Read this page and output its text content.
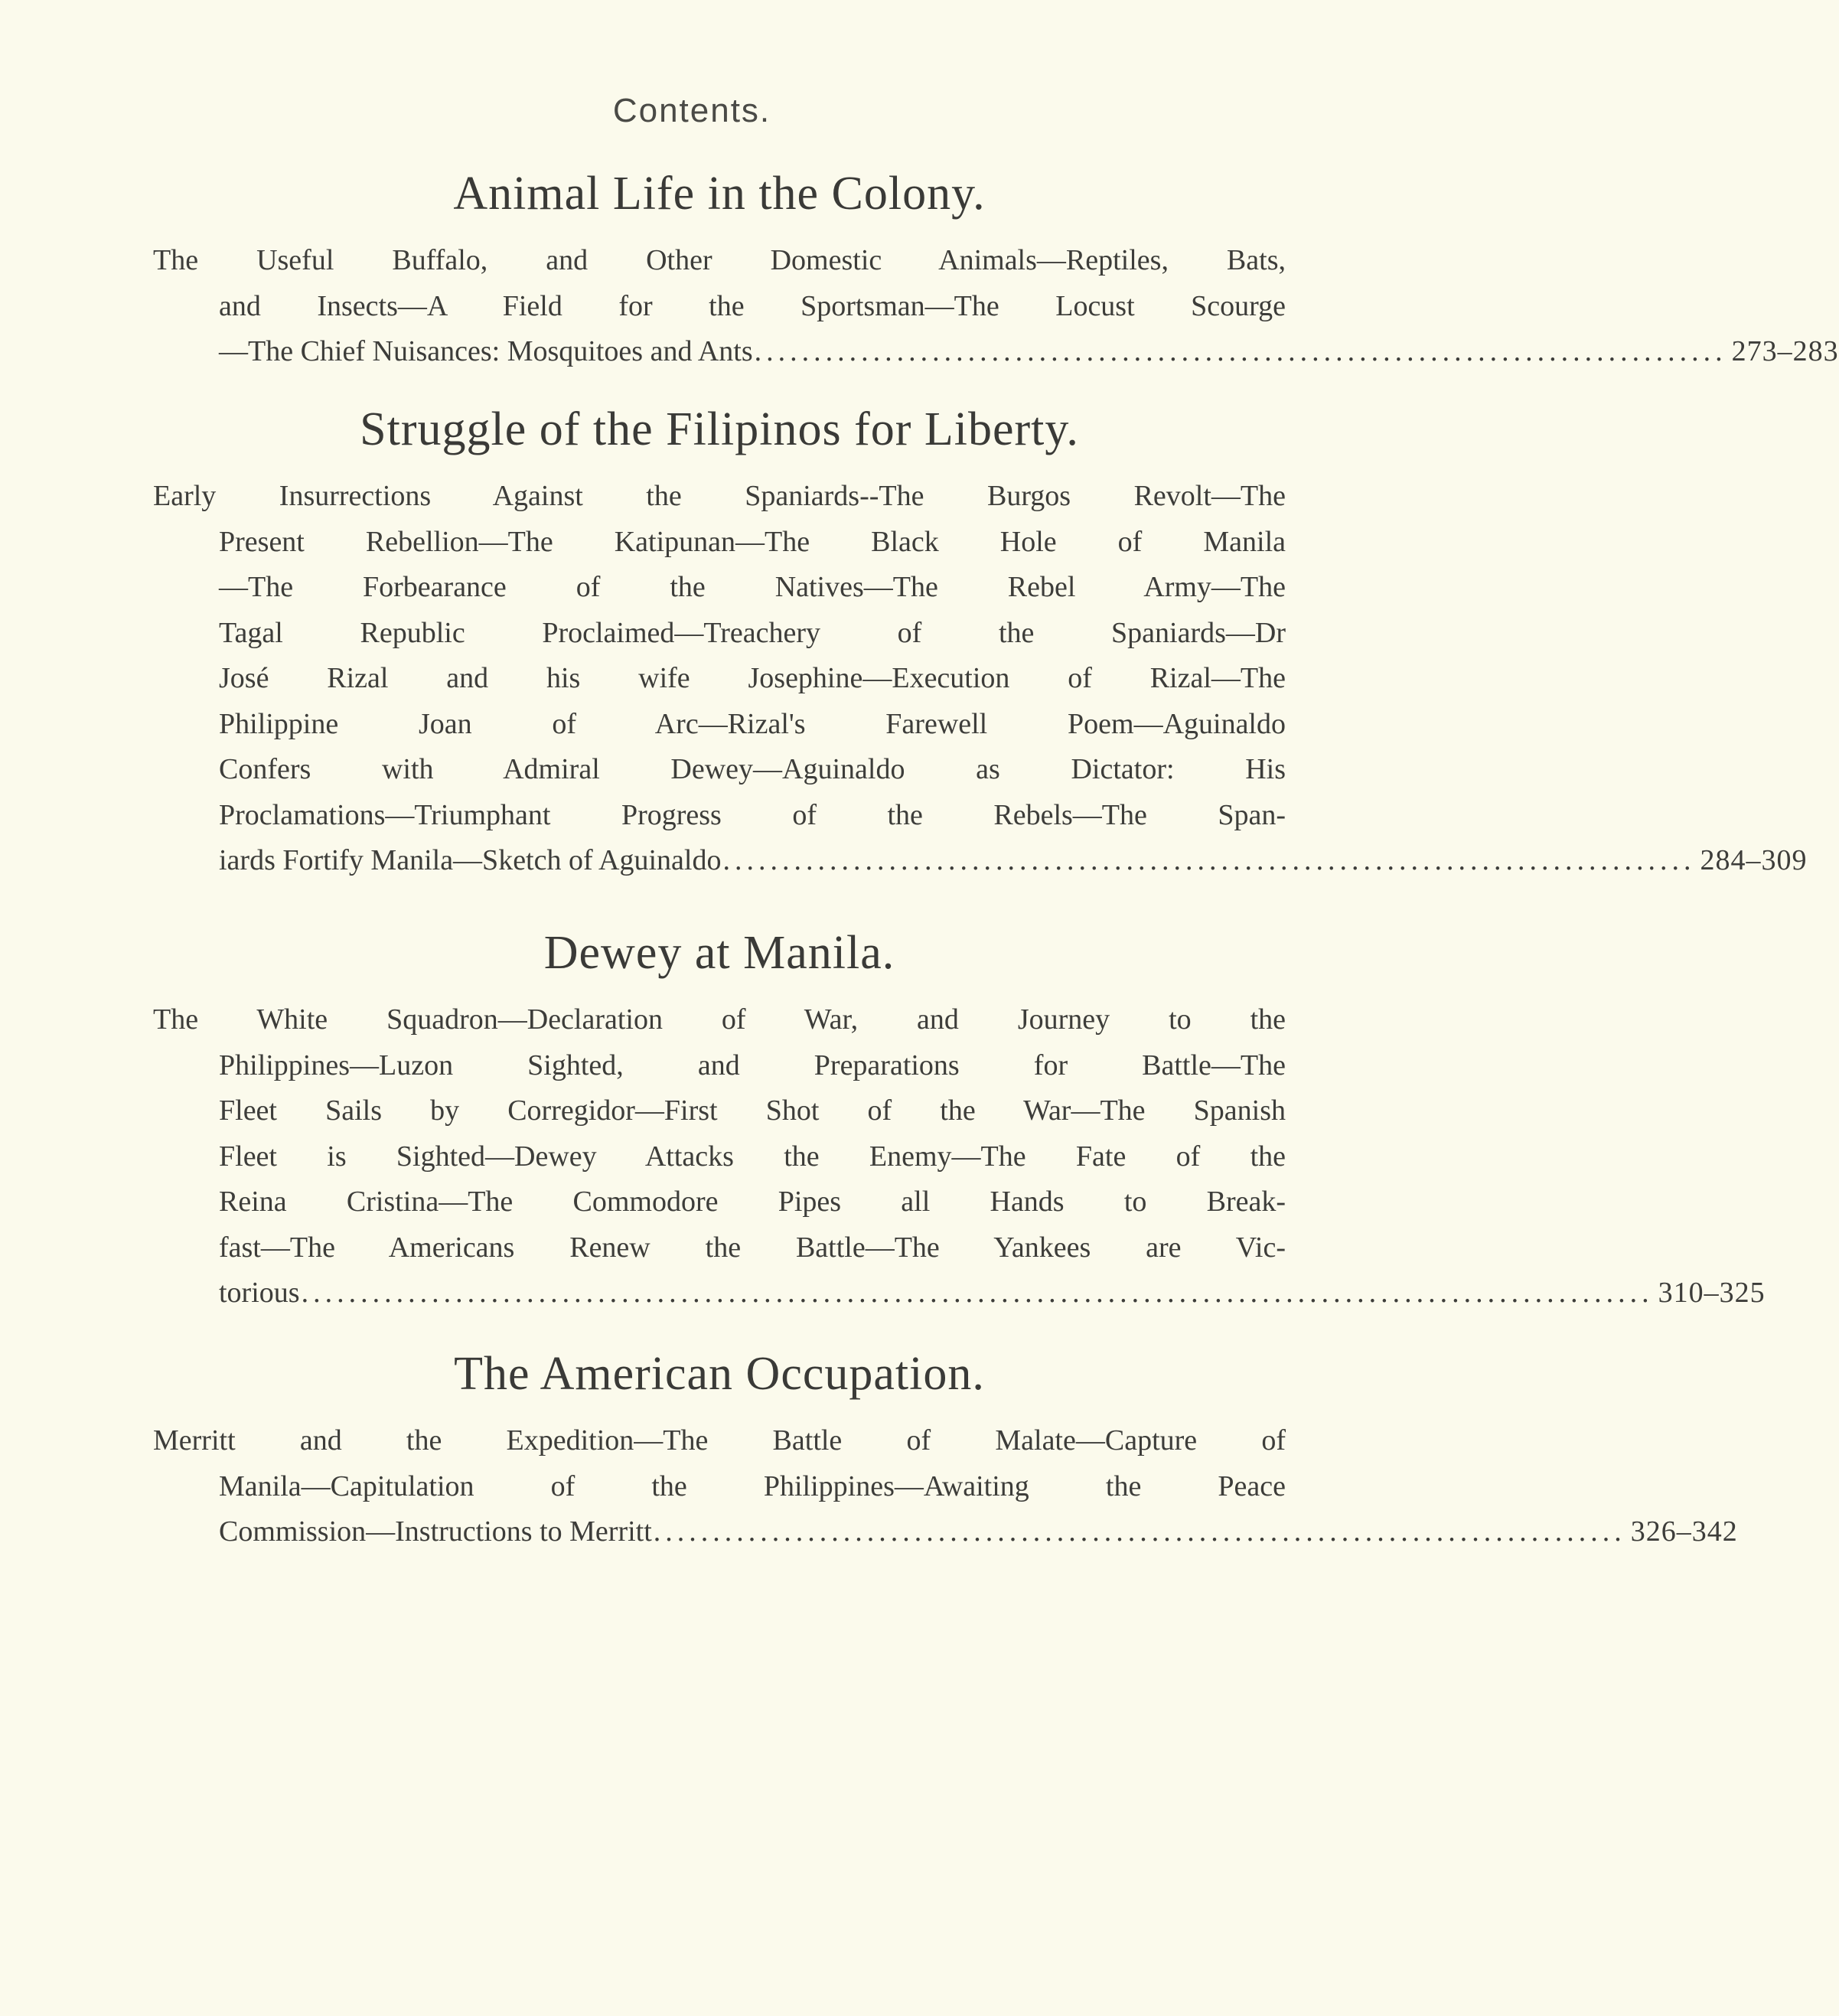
Contents.
Animal Life in the Colony.
The Useful Buffalo, and Other Domestic Animals—Reptiles, Bats,
and Insects—A Field for the Sportsman—The Locust Scourge
—The Chief Nuisances: Mosquitoes and Ants .................................................................................. 273–283
Struggle of the Filipinos for Liberty.
Early Insurrections Against the Spaniards--The Burgos Revolt—The
Present Rebellion—The Katipunan—The Black Hole of Manila
—The Forbearance of the Natives—The Rebel Army—The
Tagal Republic Proclaimed—Treachery of the Spaniards—Dr
José Rizal and his wife Josephine—Execution of Rizal—The
Philippine Joan of Arc—Rizal's Farewell Poem—Aguinaldo
Confers with Admiral Dewey—Aguinaldo as Dictator: His
Proclamations—Triumphant Progress of the Rebels—The Span-
iards Fortify Manila—Sketch of Aguinaldo .................................................................................. 284–309
Dewey at Manila.
The White Squadron—Declaration of War, and Journey to the
Philippines—Luzon Sighted, and Preparations for Battle—The
Fleet Sails by Corregidor—First Shot of the War—The Spanish
Fleet is Sighted—Dewey Attacks the Enemy—The Fate of the
Reina Cristina—The Commodore Pipes all Hands to Break-
fast—The Americans Renew the Battle—The Yankees are Vic-
torious .................................................................................................................. 310–325
The American Occupation.
Merritt and the Expedition—The Battle of Malate—Capture of
Manila—Capitulation of the Philippines—Awaiting the Peace
Commission—Instructions to Merritt .................................................................................. 326–342
